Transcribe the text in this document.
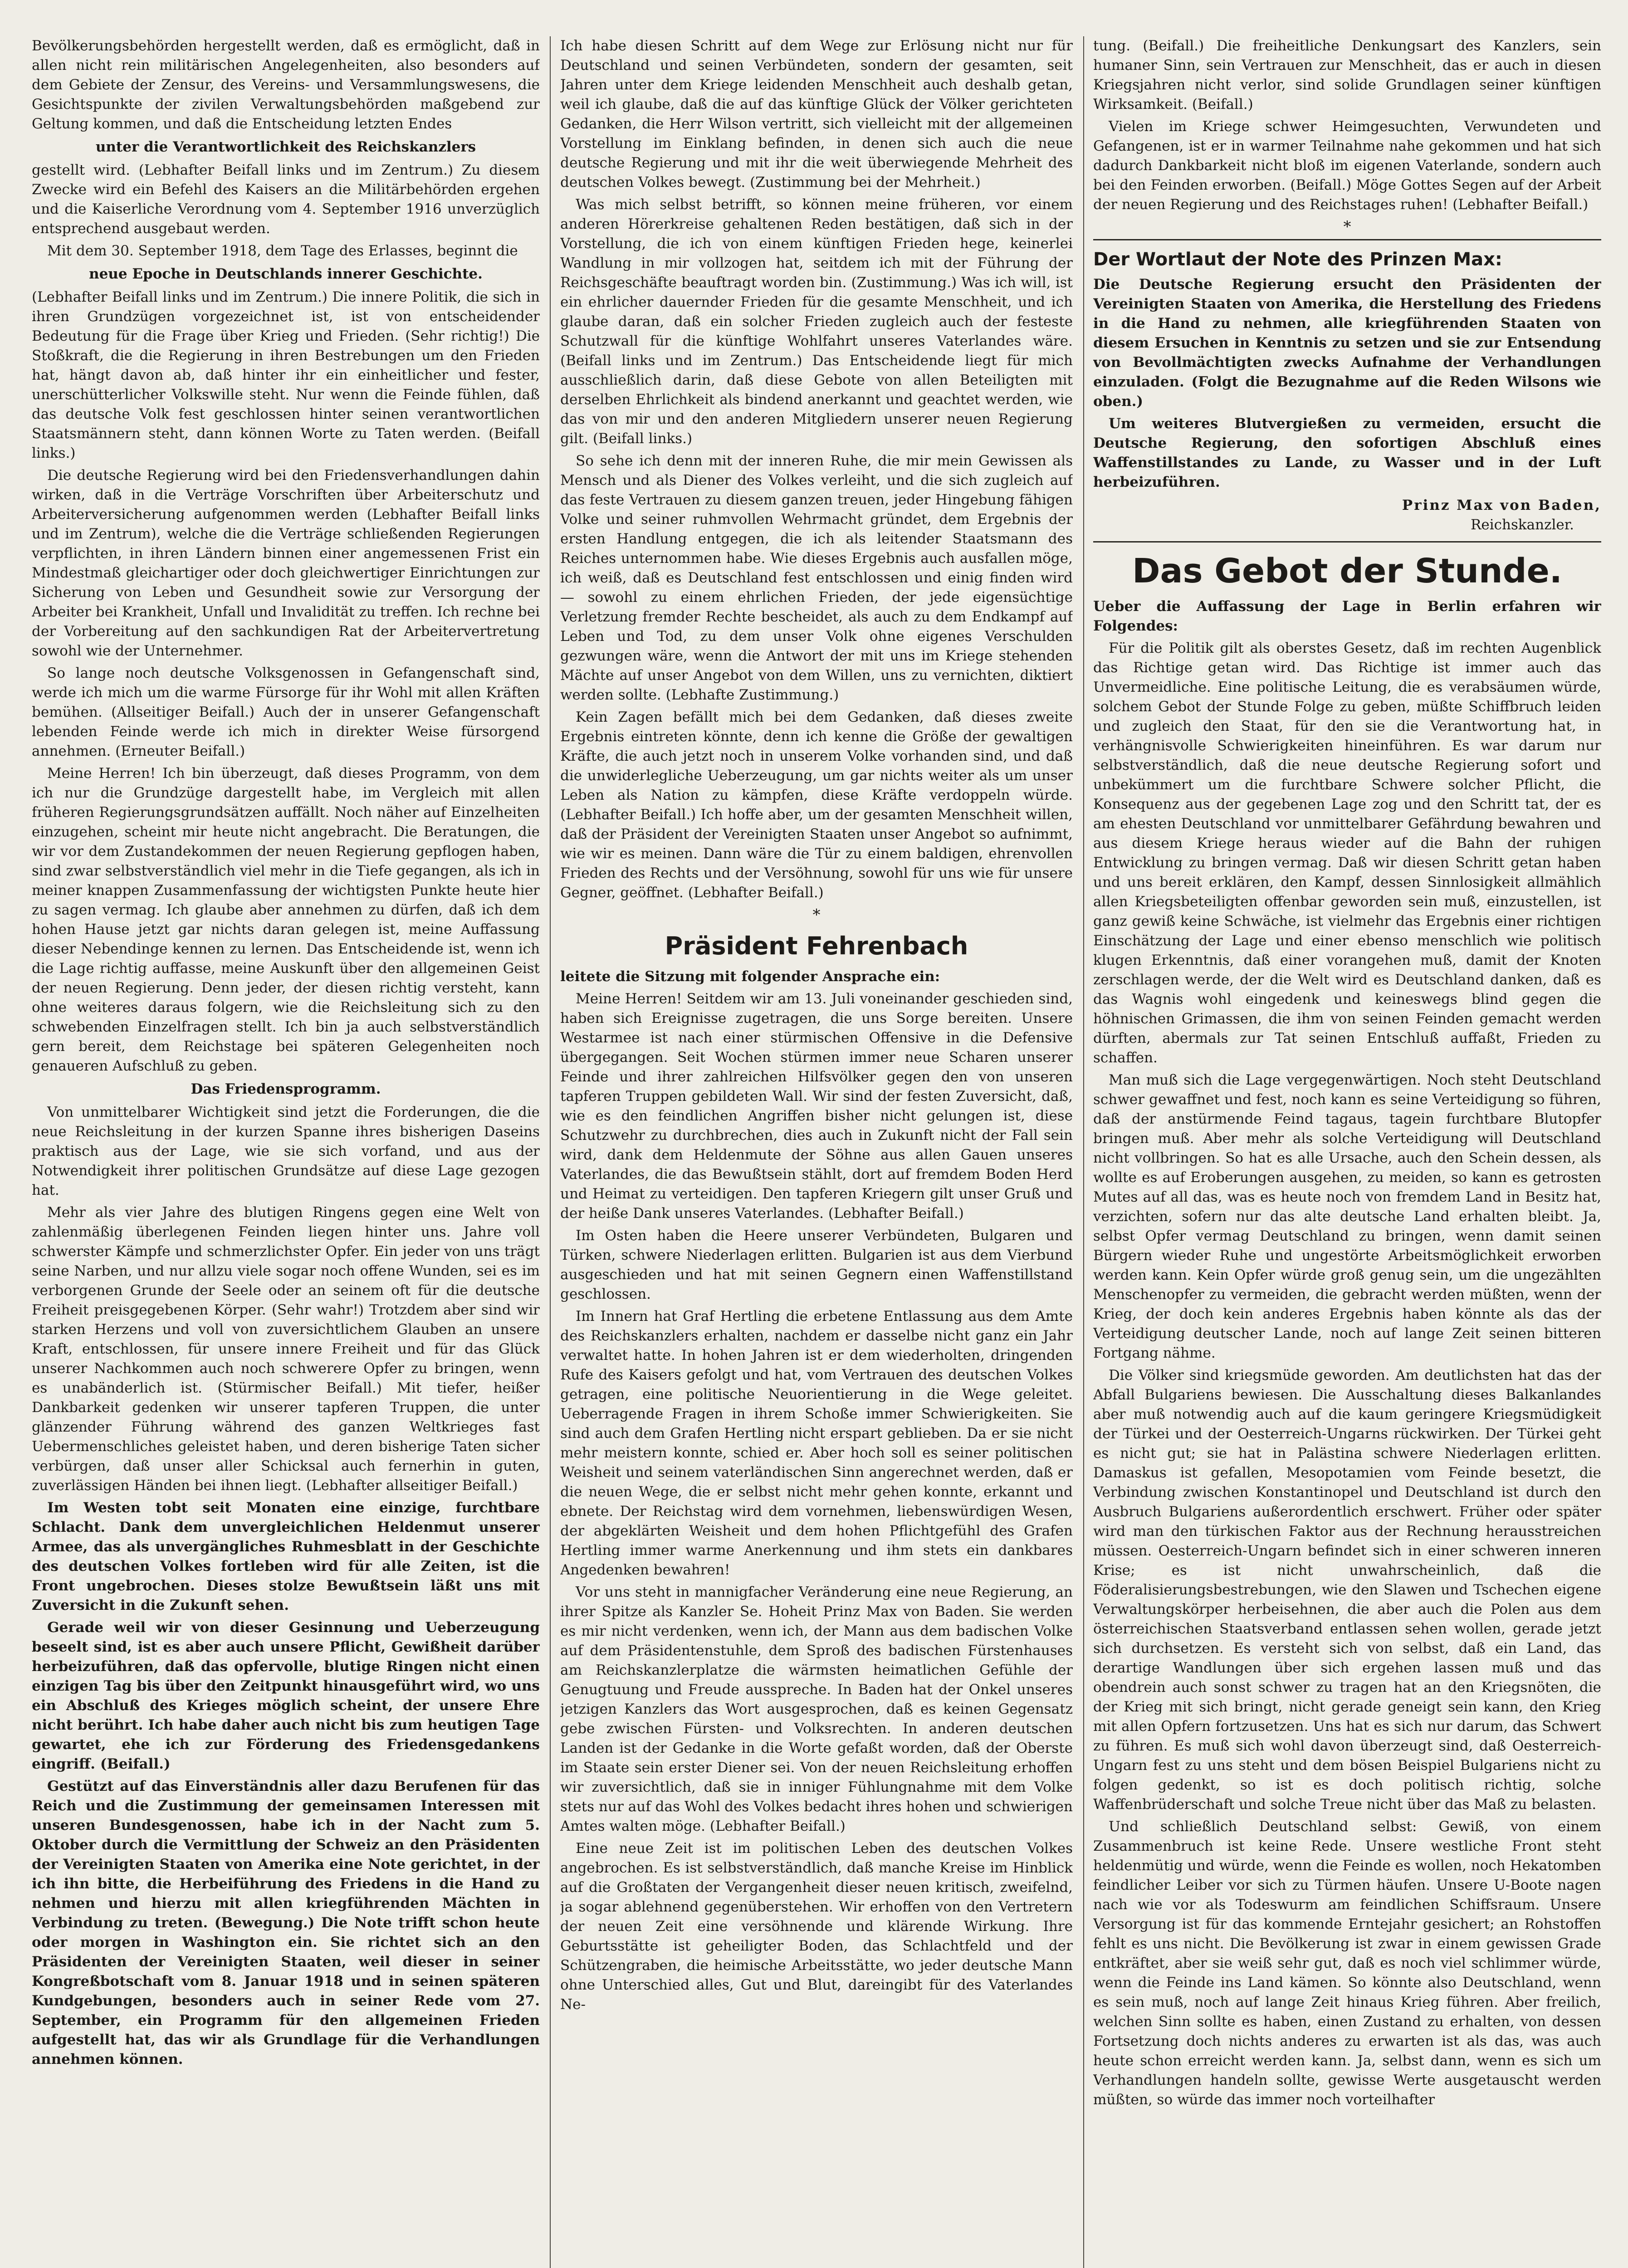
Bevölkerungsbehörden hergestellt werden, daß es ermöglicht, daß in allen nicht rein militärischen Angelegenheiten, also besonders auf dem Gebiete der Zensur, des Vereins- und Versammlungswesens, die Gesichtspunkte der zivilen Verwaltungsbehörden maßgebend zur Geltung kommen, und daß die Entscheidung letzten Endes

unter die Verantwortlichkeit des Reichskanzlers

gestellt wird. (Lebhafter Beifall links und im Zentrum.) Zu diesem Zwecke wird ein Befehl des Kaisers an die Militärbehörden ergehen und die Kaiserliche Verordnung vom 4. September 1916 unverzüglich entsprechend ausgebaut werden.

Mit dem 30. September 1918, dem Tage des Erlasses, beginnt die

neue Epoche in Deutschlands innerer Geschichte.

(Lebhafter Beifall links und im Zentrum.) Die innere Politik, die sich in ihren Grundzügen vorgezeichnet ist, ist von entscheidender Bedeutung für die Frage über Krieg und Frieden. (Sehr richtig!) Die Stoßkraft, die die Regierung in ihren Bestrebungen um den Frieden hat, hängt davon ab, daß hinter ihr ein einheitlicher und fester, unerschütterlicher Volkswille steht. Nur wenn die Feinde fühlen, daß das deutsche Volk fest geschlossen hinter seinen verantwortlichen Staatsmännern steht, dann können Worte zu Taten werden. (Beifall links.)

Die deutsche Regierung wird bei den Friedensverhandlungen dahin wirken, daß in die Verträge Vorschriften über Arbeiterschutz und Arbeiterversicherung aufgenommen werden (Lebhafter Beifall links und im Zentrum), welche die die Verträge schließenden Regierungen verpflichten, in ihren Ländern binnen einer angemessenen Frist ein Mindestmaß gleichartiger oder doch gleichwertiger Einrichtungen zur Sicherung von Leben und Gesundheit sowie zur Versorgung der Arbeiter bei Krankheit, Unfall und Invalidität zu treffen. Ich rechne bei der Vorbereitung auf den sachkundigen Rat der Arbeitervertretung sowohl wie der Unternehmer.

So lange noch deutsche Volksgenossen in Gefangenschaft sind, werde ich mich um die warme Fürsorge für ihr Wohl mit allen Kräften bemühen. (Allseitiger Beifall.) Auch der in unserer Gefangenschaft lebenden Feinde werde ich mich in direkter Weise fürsorgend annehmen. (Erneuter Beifall.)

Meine Herren! Ich bin überzeugt, daß dieses Programm, von dem ich nur die Grundzüge dargestellt habe, im Vergleich mit allen früheren Regierungsgrundsätzen auffällt. Noch näher auf Einzelheiten einzugehen, scheint mir heute nicht angebracht. Die Beratungen, die wir vor dem Zustandekommen der neuen Regierung gepflogen haben, sind zwar selbstverständlich viel mehr in die Tiefe gegangen, als ich in meiner knappen Zusammenfassung der wichtigsten Punkte heute hier zu sagen vermag. Ich glaube aber annehmen zu dürfen, daß ich dem hohen Hause jetzt gar nichts daran gelegen ist, meine Auffassung dieser Nebendinge kennen zu lernen. Das Entscheidende ist, wenn ich die Lage richtig auffasse, meine Auskunft über den allgemeinen Geist der neuen Regierung. Denn jeder, der diesen richtig versteht, kann ohne weiteres daraus folgern, wie die Reichsleitung sich zu den schwebenden Einzelfragen stellt. Ich bin ja auch selbstverständlich gern bereit, dem Reichstage bei späteren Gelegenheiten noch genaueren Aufschluß zu geben.

Das Friedensprogramm.

Von unmittelbarer Wichtigkeit sind jetzt die Forderungen, die die neue Reichsleitung in der kurzen Spanne ihres bisherigen Daseins praktisch aus der Lage, wie sie sich vorfand, und aus der Notwendigkeit ihrer politischen Grundsätze auf diese Lage gezogen hat.

Mehr als vier Jahre des blutigen Ringens gegen eine Welt von zahlenmäßig überlegenen Feinden liegen hinter uns. Jahre voll schwerster Kämpfe und schmerzlichster Opfer. Ein jeder von uns trägt seine Narben, und nur allzu viele sogar noch offene Wunden, sei es im verborgenen Grunde der Seele oder an seinem oft für die deutsche Freiheit preisgegebenen Körper. (Sehr wahr!) Trotzdem aber sind wir starken Herzens und voll von zuversichtlichem Glauben an unsere Kraft, entschlossen, für unsere innere Freiheit und für das Glück unserer Nachkommen auch noch schwerere Opfer zu bringen, wenn es unabänderlich ist. (Stürmischer Beifall.) Mit tiefer, heißer Dankbarkeit gedenken wir unserer tapferen Truppen, die unter glänzender Führung während des ganzen Weltkrieges fast Uebermenschliches geleistet haben, und deren bisherige Taten sicher verbürgen, daß unser aller Schicksal auch fernerhin in guten, zuverlässigen Händen bei ihnen liegt. (Lebhafter allseitiger Beifall.)

Im Westen tobt seit Monaten eine einzige, furchtbare Schlacht. Dank dem unvergleichlichen Heldenmut unserer Armee, das als unvergängliches Ruhmesblatt in der Geschichte des deutschen Volkes fortleben wird für alle Zeiten, ist die Front ungebrochen. Dieses stolze Bewußtsein läßt uns mit Zuversicht in die Zukunft sehen.

Gerade weil wir von dieser Gesinnung und Ueberzeugung beseelt sind, ist es aber auch unsere Pflicht, Gewißheit darüber herbeizuführen, daß das opfervolle, blutige Ringen nicht einen einzigen Tag bis über den Zeitpunkt hinausgeführt wird, wo uns ein Abschluß des Krieges möglich scheint, der unsere Ehre nicht berührt. Ich habe daher auch nicht bis zum heutigen Tage gewartet, ehe ich zur Förderung des Friedensgedankens eingriff. (Beifall.)

Gestützt auf das Einverständnis aller dazu Berufenen für das Reich und die Zustimmung der gemeinsamen Interessen mit unseren Bundesgenossen, habe ich in der Nacht zum 5. Oktober durch die Vermittlung der Schweiz an den Präsidenten der Vereinigten Staaten von Amerika eine Note gerichtet, in der ich ihn bitte, die Herbeiführung des Friedens in die Hand zu nehmen und hierzu mit allen kriegführenden Mächten in Verbindung zu treten. (Bewegung.) Die Note trifft schon heute oder morgen in Washington ein. Sie richtet sich an den Präsidenten der Vereinigten Staaten, weil dieser in seiner Kongreßbotschaft vom 8. Januar 1918 und in seinen späteren Kundgebungen, besonders auch in seiner Rede vom 27. September, ein Programm für den allgemeinen Frieden aufgestellt hat, das wir als Grundlage für die Verhandlungen annehmen können.

Ich habe diesen Schritt auf dem Wege zur Erlösung nicht nur für Deutschland und seinen Verbündeten, sondern der gesamten, seit Jahren unter dem Kriege leidenden Menschheit auch deshalb getan, weil ich glaube, daß die auf das künftige Glück der Völker gerichteten Gedanken, die Herr Wilson vertritt, sich vielleicht mit der allgemeinen Vorstellung im Einklang befinden, in denen sich auch die neue deutsche Regierung und mit ihr die weit überwiegende Mehrheit des deutschen Volkes bewegt. (Zustimmung bei der Mehrheit.)

Was mich selbst betrifft, so können meine früheren, vor einem anderen Hörerkreise gehaltenen Reden bestätigen, daß sich in der Vorstellung, die ich von einem künftigen Frieden hege, keinerlei Wandlung in mir vollzogen hat, seitdem ich mit der Führung der Reichsgeschäfte beauftragt worden bin. (Zustimmung.) Was ich will, ist ein ehrlicher dauernder Frieden für die gesamte Menschheit, und ich glaube daran, daß ein solcher Frieden zugleich auch der festeste Schutzwall für die künftige Wohlfahrt unseres Vaterlandes wäre. (Beifall links und im Zentrum.) Das Entscheidende liegt für mich ausschließlich darin, daß diese Gebote von allen Beteiligten mit derselben Ehrlichkeit als bindend anerkannt und geachtet werden, wie das von mir und den anderen Mitgliedern unserer neuen Regierung gilt. (Beifall links.)

So sehe ich denn mit der inneren Ruhe, die mir mein Gewissen als Mensch und als Diener des Volkes verleiht, und die sich zugleich auf das feste Vertrauen zu diesem ganzen treuen, jeder Hingebung fähigen Volke und seiner ruhmvollen Wehrmacht gründet, dem Ergebnis der ersten Handlung entgegen, die ich als leitender Staatsmann des Reiches unternommen habe. Wie dieses Ergebnis auch ausfallen möge, ich weiß, daß es Deutschland fest entschlossen und einig finden wird — sowohl zu einem ehrlichen Frieden, der jede eigensüchtige Verletzung fremder Rechte bescheidet, als auch zu dem Endkampf auf Leben und Tod, zu dem unser Volk ohne eigenes Verschulden gezwungen wäre, wenn die Antwort der mit uns im Kriege stehenden Mächte auf unser Angebot von dem Willen, uns zu vernichten, diktiert werden sollte. (Lebhafte Zustimmung.)

Kein Zagen befällt mich bei dem Gedanken, daß dieses zweite Ergebnis eintreten könnte, denn ich kenne die Größe der gewaltigen Kräfte, die auch jetzt noch in unserem Volke vorhanden sind, und daß die unwiderlegliche Ueberzeugung, um gar nichts weiter als um unser Leben als Nation zu kämpfen, diese Kräfte verdoppeln würde. (Lebhafter Beifall.) Ich hoffe aber, um der gesamten Menschheit willen, daß der Präsident der Vereinigten Staaten unser Angebot so aufnimmt, wie wir es meinen. Dann wäre die Tür zu einem baldigen, ehrenvollen Frieden des Rechts und der Versöhnung, sowohl für uns wie für unsere Gegner, geöffnet. (Lebhafter Beifall.)

*
Präsident Fehrenbach

leitete die Sitzung mit folgender Ansprache ein:

Meine Herren! Seitdem wir am 13. Juli voneinander geschieden sind, haben sich Ereignisse zugetragen, die uns Sorge bereiten. Unsere Westarmee ist nach einer stürmischen Offensive in die Defensive übergegangen. Seit Wochen stürmen immer neue Scharen unserer Feinde und ihrer zahlreichen Hilfsvölker gegen den von unseren tapferen Truppen gebildeten Wall. Wir sind der festen Zuversicht, daß, wie es den feindlichen Angriffen bisher nicht gelungen ist, diese Schutzwehr zu durchbrechen, dies auch in Zukunft nicht der Fall sein wird, dank dem Heldenmute der Söhne aus allen Gauen unseres Vaterlandes, die das Bewußtsein stählt, dort auf fremdem Boden Herd und Heimat zu verteidigen. Den tapferen Kriegern gilt unser Gruß und der heiße Dank unseres Vaterlandes. (Lebhafter Beifall.)

Im Osten haben die Heere unserer Verbündeten, Bulgaren und Türken, schwere Niederlagen erlitten. Bulgarien ist aus dem Vierbund ausgeschieden und hat mit seinen Gegnern einen Waffenstillstand geschlossen.

Im Innern hat Graf Hertling die erbetene Entlassung aus dem Amte des Reichskanzlers erhalten, nachdem er dasselbe nicht ganz ein Jahr verwaltet hatte. In hohen Jahren ist er dem wiederholten, dringenden Rufe des Kaisers gefolgt und hat, vom Vertrauen des deutschen Volkes getragen, eine politische Neuorientierung in die Wege geleitet. Ueberragende Fragen in ihrem Schoße immer Schwierigkeiten. Sie sind auch dem Grafen Hertling nicht erspart geblieben. Da er sie nicht mehr meistern konnte, schied er. Aber hoch soll es seiner politischen Weisheit und seinem vaterländischen Sinn angerechnet werden, daß er die neuen Wege, die er selbst nicht mehr gehen konnte, erkannt und ebnete. Der Reichstag wird dem vornehmen, liebenswürdigen Wesen, der abgeklärten Weisheit und dem hohen Pflichtgefühl des Grafen Hertling immer warme Anerkennung und ihm stets ein dankbares Angedenken bewahren!

Vor uns steht in mannigfacher Veränderung eine neue Regierung, an ihrer Spitze als Kanzler Se. Hoheit Prinz Max von Baden. Sie werden es mir nicht verdenken, wenn ich, der Mann aus dem badischen Volke auf dem Präsidentenstuhle, dem Sproß des badischen Fürstenhauses am Reichskanzlerplatze die wärmsten heimatlichen Gefühle der Genugtuung und Freude ausspreche. In Baden hat der Onkel unseres jetzigen Kanzlers das Wort ausgesprochen, daß es keinen Gegensatz gebe zwischen Fürsten- und Volksrechten. In anderen deutschen Landen ist der Gedanke in die Worte gefaßt worden, daß der Oberste im Staate sein erster Diener sei. Von der neuen Reichsleitung erhoffen wir zuversichtlich, daß sie in inniger Fühlungnahme mit dem Volke stets nur auf das Wohl des Volkes bedacht ihres hohen und schwierigen Amtes walten möge. (Lebhafter Beifall.)

Eine neue Zeit ist im politischen Leben des deutschen Volkes angebrochen. Es ist selbstverständlich, daß manche Kreise im Hinblick auf die Großtaten der Vergangenheit dieser neuen kritisch, zweifelnd, ja sogar ablehnend gegenüberstehen. Wir erhoffen von den Vertretern der neuen Zeit eine versöhnende und klärende Wirkung. Ihre Geburtsstätte ist geheiligter Boden, das Schlachtfeld und der Schützengraben, die heimische Arbeitsstätte, wo jeder deutsche Mann ohne Unterschied alles, Gut und Blut, dareingibt für des Vaterlandes Ne-

tung. (Beifall.) Die freiheitliche Denkungsart des Kanzlers, sein humaner Sinn, sein Vertrauen zur Menschheit, das er auch in diesen Kriegsjahren nicht verlor, sind solide Grundlagen seiner künftigen Wirksamkeit. (Beifall.)

Vielen im Kriege schwer Heimgesuchten, Verwundeten und Gefangenen, ist er in warmer Teilnahme nahe gekommen und hat sich dadurch Dankbarkeit nicht bloß im eigenen Vaterlande, sondern auch bei den Feinden erworben. (Beifall.) Möge Gottes Segen auf der Arbeit der neuen Regierung und des Reichstages ruhen! (Lebhafter Beifall.)

*
Der Wortlaut der Note des Prinzen Max:

Die Deutsche Regierung ersucht den Präsidenten der Vereinigten Staaten von Amerika, die Herstellung des Friedens in die Hand zu nehmen, alle kriegführenden Staaten von diesem Ersuchen in Kenntnis zu setzen und sie zur Entsendung von Bevollmächtigten zwecks Aufnahme der Verhandlungen einzuladen. (Folgt die Bezugnahme auf die Reden Wilsons wie oben.)

Um weiteres Blutvergießen zu vermeiden, ersucht die Deutsche Regierung, den sofortigen Abschluß eines Waffenstillstandes zu Lande, zu Wasser und in der Luft herbeizuführen.

Prinz Max von Baden,

Reichskanzler.

Das Gebot der Stunde.

Ueber die Auffassung der Lage in Berlin erfahren wir Folgendes:

Für die Politik gilt als oberstes Gesetz, daß im rechten Augenblick das Richtige getan wird. Das Richtige ist immer auch das Unvermeidliche. Eine politische Leitung, die es verabsäumen würde, solchem Gebot der Stunde Folge zu geben, müßte Schiffbruch leiden und zugleich den Staat, für den sie die Verantwortung hat, in verhängnisvolle Schwierigkeiten hineinführen. Es war darum nur selbstverständlich, daß die neue deutsche Regierung sofort und unbekümmert um die furchtbare Schwere solcher Pflicht, die Konsequenz aus der gegebenen Lage zog und den Schritt tat, der es am ehesten Deutschland vor unmittelbarer Gefährdung bewahren und aus diesem Kriege heraus wieder auf die Bahn der ruhigen Entwicklung zu bringen vermag. Daß wir diesen Schritt getan haben und uns bereit erklären, den Kampf, dessen Sinnlosigkeit allmählich allen Kriegsbeteiligten offenbar geworden sein muß, einzustellen, ist ganz gewiß keine Schwäche, ist vielmehr das Ergebnis einer richtigen Einschätzung der Lage und einer ebenso menschlich wie politisch klugen Erkenntnis, daß einer vorangehen muß, damit der Knoten zerschlagen werde, der die Welt wird es Deutschland danken, daß es das Wagnis wohl eingedenk und keineswegs blind gegen die höhnischen Grimassen, die ihm von seinen Feinden gemacht werden dürften, abermals zur Tat seinen Entschluß auffaßt, Frieden zu schaffen.

Man muß sich die Lage vergegenwärtigen. Noch steht Deutschland schwer gewaffnet und fest, noch kann es seine Verteidigung so führen, daß der anstürmende Feind tagaus, tagein furchtbare Blutopfer bringen muß. Aber mehr als solche Verteidigung will Deutschland nicht vollbringen. So hat es alle Ursache, auch den Schein dessen, als wollte es auf Eroberungen ausgehen, zu meiden, so kann es getrosten Mutes auf all das, was es heute noch von fremdem Land in Besitz hat, verzichten, sofern nur das alte deutsche Land erhalten bleibt. Ja, selbst Opfer vermag Deutschland zu bringen, wenn damit seinen Bürgern wieder Ruhe und ungestörte Arbeitsmöglichkeit erworben werden kann. Kein Opfer würde groß genug sein, um die ungezählten Menschenopfer zu vermeiden, die gebracht werden müßten, wenn der Krieg, der doch kein anderes Ergebnis haben könnte als das der Verteidigung deutscher Lande, noch auf lange Zeit seinen bitteren Fortgang nähme.

Die Völker sind kriegsmüde geworden. Am deutlichsten hat das der Abfall Bulgariens bewiesen. Die Ausschaltung dieses Balkanlandes aber muß notwendig auch auf die kaum geringere Kriegsmüdigkeit der Türkei und der Oesterreich-Ungarns rückwirken. Der Türkei geht es nicht gut; sie hat in Palästina schwere Niederlagen erlitten. Damaskus ist gefallen, Mesopotamien vom Feinde besetzt, die Verbindung zwischen Konstantinopel und Deutschland ist durch den Ausbruch Bulgariens außerordentlich erschwert. Früher oder später wird man den türkischen Faktor aus der Rechnung herausstreichen müssen. Oesterreich-Ungarn befindet sich in einer schweren inneren Krise; es ist nicht unwahrscheinlich, daß die Föderalisierungsbestrebungen, wie den Slawen und Tschechen eigene Verwaltungskörper herbeisehnen, die aber auch die Polen aus dem österreichischen Staatsverband entlassen sehen wollen, gerade jetzt sich durchsetzen. Es versteht sich von selbst, daß ein Land, das derartige Wandlungen über sich ergehen lassen muß und das obendrein auch sonst schwer zu tragen hat an den Kriegsnöten, die der Krieg mit sich bringt, nicht gerade geneigt sein kann, den Krieg mit allen Opfern fortzusetzen. Uns hat es sich nur darum, das Schwert zu führen. Es muß sich wohl davon überzeugt sind, daß Oesterreich-Ungarn fest zu uns steht und dem bösen Beispiel Bulgariens nicht zu folgen gedenkt, so ist es doch politisch richtig, solche Waffenbrüderschaft und solche Treue nicht über das Maß zu belasten.

Und schließlich Deutschland selbst: Gewiß, von einem Zusammenbruch ist keine Rede. Unsere westliche Front steht heldenmütig und würde, wenn die Feinde es wollen, noch Hekatomben feindlicher Leiber vor sich zu Türmen häufen. Unsere U-Boote nagen nach wie vor als Todeswurm am feindlichen Schiffsraum. Unsere Versorgung ist für das kommende Erntejahr gesichert; an Rohstoffen fehlt es uns nicht. Die Bevölkerung ist zwar in einem gewissen Grade entkräftet, aber sie weiß sehr gut, daß es noch viel schlimmer würde, wenn die Feinde ins Land kämen. So könnte also Deutschland, wenn es sein muß, noch auf lange Zeit hinaus Krieg führen. Aber freilich, welchen Sinn sollte es haben, einen Zustand zu erhalten, von dessen Fortsetzung doch nichts anderes zu erwarten ist als das, was auch heute schon erreicht werden kann. Ja, selbst dann, wenn es sich um Verhandlungen handeln sollte, gewisse Werte ausgetauscht werden müßten, so würde das immer noch vorteilhafter
